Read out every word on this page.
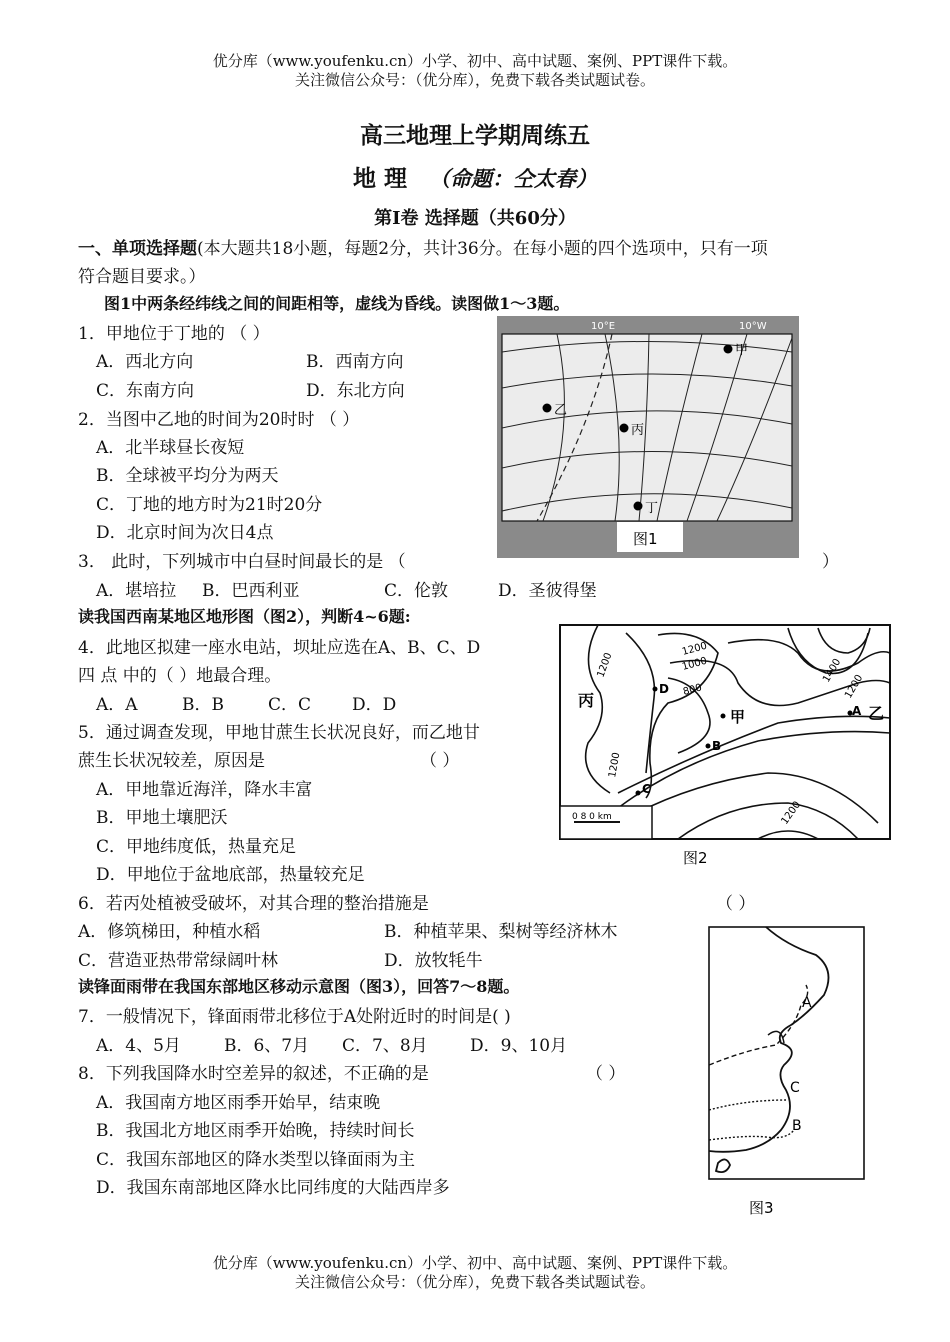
优分库（www.youfenku.cn）小学、初中、高中试题、案例、PPT课件下载。
关注微信公众号：（优分库），免费下载各类试题试卷。
高三地理上学期周练五
地 理 （命题：仝太春）
第Ⅰ卷 选择题（共60分）
一、单项选择题(本大题共18小题，每题2分，共计36分。在每小题的四个选项中，只有一项
符合题目要求。）
图1中两条经纬线之间的间距相等，虚线为昏线。读图做1～3题。
1．甲地位于丁地的 （ ）
A．西北方向	B．西南方向
C．东南方向	D．东北方向
2．当图中乙地的时间为20时时 （ ）
A．北半球昼长夜短
B．全球被平均分为两天
C．丁地的地方时为21时20分
D．北京时间为次日4点
3． 此时，下列城市中白昼时间最长的是 （	）
A．堪培拉 B．巴西利亚	C．伦敦	D．圣彼得堡
10°E	10°W
甲
乙
丙
丁
图1
读我国西南某地区地形图（图2），判断4~6题:
4．此地区拟建一座水电站，坝址应选在A、B、C、D
四 点 中的（ ）地最合理。
A．A	B．B	C．C D．D
5．通过调查发现，甲地甘蔗生长状况良好，而乙地甘
蔗生长状况较差，原因是	（ ）
A．甲地靠近海洋，降水丰富
B．甲地土壤肥沃
C．甲地纬度低，热量充足
D．甲地位于盆地底部，热量较充足
0 8 0 km
D
甲
B
C
A 乙
丙
1200
1200
1000
800
1400
1200
1200
1200
图2
6．若丙处植被受破坏，对其合理的整治措施是	（ ）
A．修筑梯田，种植水稻	B．种植苹果、梨树等经济林木
C．营造亚热带常绿阔叶林	D．放牧牦牛
读锋面雨带在我国东部地区移动示意图（图3），回答7～8题。
7．一般情况下，锋面雨带北移位于A处附近时的时间是( )
A．4、5月	B．6、7月 C．7、8月 D．9、10月
8．下列我国降水时空差异的叙述，不正确的是	（ ）
A．我国南方地区雨季开始早，结束晚
B．我国北方地区雨季开始晚，持续时间长
C．我国东部地区的降水类型以锋面雨为主
D．我国东南部地区降水比同纬度的大陆西岸多
A
C
B
图3
优分库（www.youfenku.cn）小学、初中、高中试题、案例、PPT课件下载。
关注微信公众号：（优分库），免费下载各类试题试卷。
